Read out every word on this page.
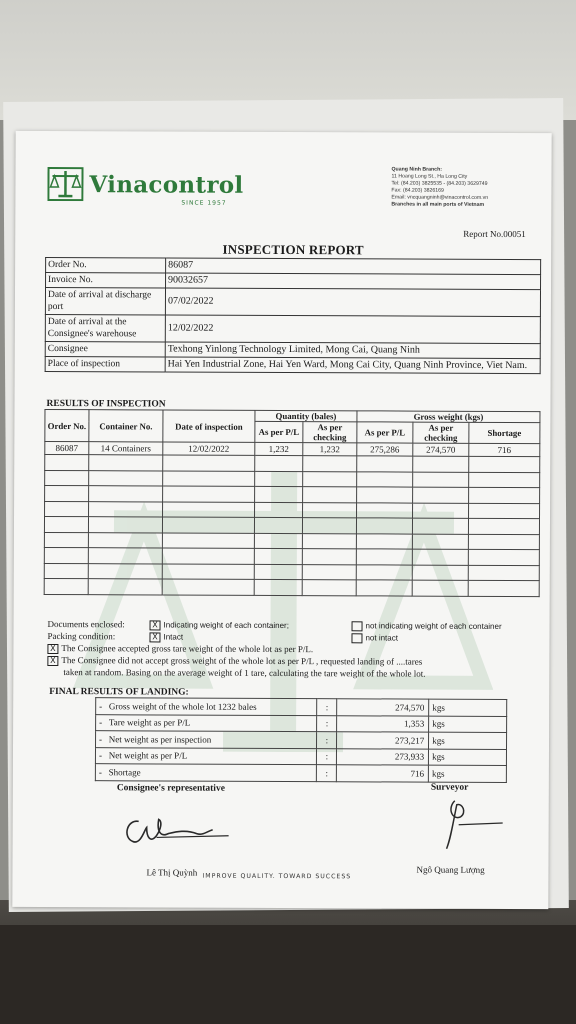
Vinacontrol
SINCE 1957
Quang Ninh Branch:
11 Hoang Long St., Ha Long City
Tel: (84.203) 3825535 - (84.203) 3629749
Fax: (84.203) 3826169
Email: vncquangninh@vinacontrol.com.vn
Branches in all main ports of Vietnam
Report No.00051
INSPECTION REPORT
Order No.	86087
Invoice No.	90032657
Date of arrival at discharge port	07/02/2022
Date of arrival at the Consignee's warehouse	12/02/2022
Consignee	Texhong Yinlong Technology Limited, Mong Cai, Quang Ninh
Place of inspection	Hai Yen Industrial Zone, Hai Yen Ward, Mong Cai City, Quang Ninh Province, Viet Nam.
RESULTS OF INSPECTION
Order No.	Container No.	Date of inspection	Quantity (bales)		Gross weight (kgs)		
			As per P/L	As per checking	As per P/L	As per checking	Shortage
86087	14 Containers	12/02/2022	1,232	1,232	275,286	274,570	716

Documents enclosed:	X Indicating weight of each container;	not indicating weight of each container
Packing condition:	X Intact	not intact
X The Consignee accepted gross tare weight of the whole lot as per P/L.
X The Consignee did not accept gross weight of the whole lot as per P/L , requested landing of ....tares
taken at random. Basing on the average weight of 1 tare, calculating the tare weight of the whole lot.
FINAL RESULTS OF LANDING:
- Gross weight of the whole lot 1232 bales	:	274,570	kgs
- Tare weight as per P/L	:	1,353	kgs
- Net weight as per inspection	:	273,217	kgs
- Net weight as per P/L	:	273,933	kgs
- Shortage	:	716	kgs
Consignee's representative	Surveyor
Lê Thị Quỳnh	Ngô Quang Lượng
IMPROVE QUALITY. TOWARD SUCCESS
